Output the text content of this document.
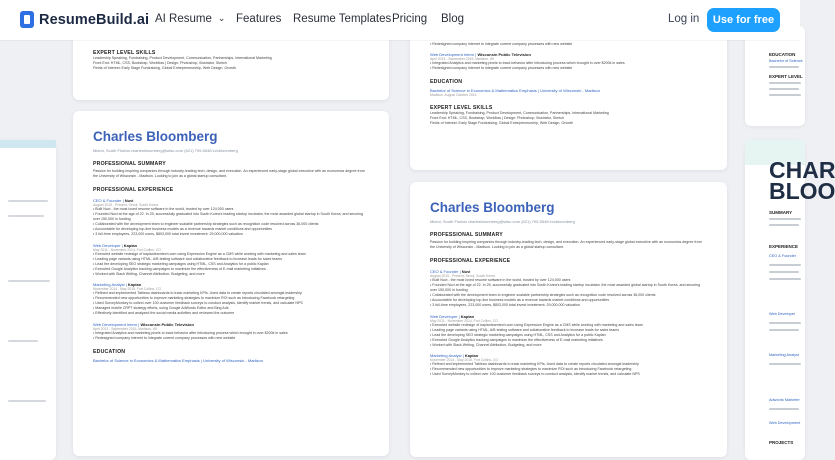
ResumeBuild.ai AI Resume ⌄ Features Resume Templates Pricing Blog	Log in	Use for free
EXPERT LEVEL SKILLS
Leadership Speaking, Fundraising, Product Development, Communication, Partnerships, International Marketing
Front End: HTML, CSS, Bootstrap, Workflow | Design: Photoshop, Illustrator, Sketch
Fields of Interest: Early Stage Fundraising, Global Entrepreneurship, Web Design, Growth
• Redesigned company internet to integrate current company processes with new website
Web Development Intern | Wisconsin Public Television
April 2013 - September 2015, Madison, WI
• Integrated Analytics and marketing pixels to track behavior after introducing process which brought in over $200k in sales
• Redesigned company internet to integrate current company processes with new website
EDUCATION
Bachelor of Science in Economics & Mathematics Emphasis | University of Wisconsin - Madison
Madison, August October 2014
EXPERT LEVEL SKILLS
Leadership Speaking, Fundraising, Product Development, Communication, Partnerships, International Marketing
Front End: HTML, CSS, Bootstrap, Workflow | Design: Photoshop, Illustrator, Sketch
Fields of Interest: Early Stage Fundraising, Global Entrepreneurship, Web Design, Growth
Charles Bloomberg
Miami, South Florida charlesbloomberg@wisc.com (621) 799-5548 in/cbloomberg
PROFESSIONAL SUMMARY
Passion for building inspiring companies through industry-leading tech, design, and execution. An experienced early-stage global executive with an economics degree from the University of Wisconsin - Madison. Looking to join as a global startup consultant.
PROFESSIONAL EXPERIENCE
CEO & Founder | Nuvi
August 2015 - Present, Seoul, South Korea
• Built Nuvi - the most loved resume software in the world, trusted by over 124,000 users
• Founded Nuvi at the age of 22. In 25, successfully graduated into South Korea's leading startup incubator, the most awarded global startup in South Korea, and securing over 150,000 in funding
• Collaborated with the development team to engineer scalable partnership strategies such as recognition code resolved across 36,000 clients
• Accountable for developing top-line business models as a revenue towards market conditions and opportunities
• 3 full-time employees, 223,000 users, $803,000 total invest investment: 29,000,000 valuation
Web Developer | Kaplan
May 2011 - November 2014, Fort Collins, CO
• Executed website redesign of kaplanlearntech.com using Expression Engine as a CMS while working with marketing and sales team
• Leading page variants using HTML, A/B testing software and collaborative feedback to increase leads for sales teams
• Lead the developing SEO strategic marketing campaigns using HTML, CSS and Analytics for a public Kaplan
• Executed Google Analytics tracking campaigns to maximize the effectiveness of E-mail marketing initiatives
• Worked with Slack Writing, Channel Attribution, Budgeting, and more
Marketing Analyst | Kaplan
November 2014 - May 2015, Fort Collins, CO
• Refined and implemented Tableau dashboards to track marketing KPIs. Used data to create reports circulated amongst leadership
• Recommended new opportunities to improve marketing strategies to maximize ROI such as introducing Facebook retargeting
• Used SurveyMonkey to collect over 100 customer feedback surveys to conduct analysis, identify market trends, and calculate NPS
• Managed mobile CRPT strategy efforts, using Google AdWords Editor and Bing Ads
• Effectively identified and analyzed the social media activities and reviewed the outcome
Web Development Intern | Wisconsin Public Television
April 2013 - September 2015, Madison, WI
• Integrated Analytics and marketing pixels to track behavior after introducing process which brought in over $200k in sales
• Redesigned company internet to integrate current company processes with new website
EDUCATION
Bachelor of Science in Economics & Mathematics Emphasis | University of Wisconsin - Madison
Charles Bloomberg
Miami, South Florida charlesbloomberg@wisc.com (621) 799-5548 in/cbloomberg
PROFESSIONAL SUMMARY
Passion for building inspiring companies through industry-leading tech, design, and execution. An experienced early-stage global executive with an economics degree from the University of Wisconsin - Madison. Looking to join as a global startup consultant.
PROFESSIONAL EXPERIENCE
CEO & Founder | Nuvi
August 2015 - Present, Seoul, South Korea
• Built Nuvi - the most loved resume software in the world, trusted by over 124,000 users
• Founded Nuvi at the age of 22. In 25, successfully graduated into South Korea's leading startup incubator, the most awarded global startup in South Korea, and securing over 150,000 in funding
• Collaborated with the development team to engineer scalable partnership strategies such as recognition code resolved across 36,000 clients
• Accountable for developing top-line business models as a revenue towards market conditions and opportunities
• 3 full-time employees, 223,000 users, $803,000 total invest investment: 29,000,000 valuation
Web Developer | Kaplan
May 2011 - November 2014, Fort Collins, CO
• Executed website redesign of kaplanlearntech.com using Expression Engine as a CMS while working with marketing and sales team
• Leading page variants using HTML, A/B testing software and collaborative feedback to increase leads for sales teams
• Lead the developing SEO strategic marketing campaigns using HTML, CSS and Analytics for a public Kaplan
• Executed Google Analytics tracking campaigns to maximize the effectiveness of E-mail marketing initiatives
• Worked with Slack Writing, Channel Attribution, Budgeting, and more
Marketing Analyst | Kaplan
November 2014 - May 2015, Fort Collins, CO
• Refined and implemented Tableau dashboards to track marketing KPIs. Used data to create reports circulated amongst leadership
• Recommended new opportunities to improve marketing strategies to maximize ROI such as introducing Facebook retargeting
• Used SurveyMonkey to collect over 100 customer feedback surveys to conduct analysis, identify market trends, and calculate NPS
EDUCATION
Bachelor of Science
EXPERT LEVEL
CHAR BLOO
SUMMARY
EXPERIENCE
CEO & Founder
Web Developer
Marketing Analyst
Adwords Marketer
Web Development
PROJECTS
